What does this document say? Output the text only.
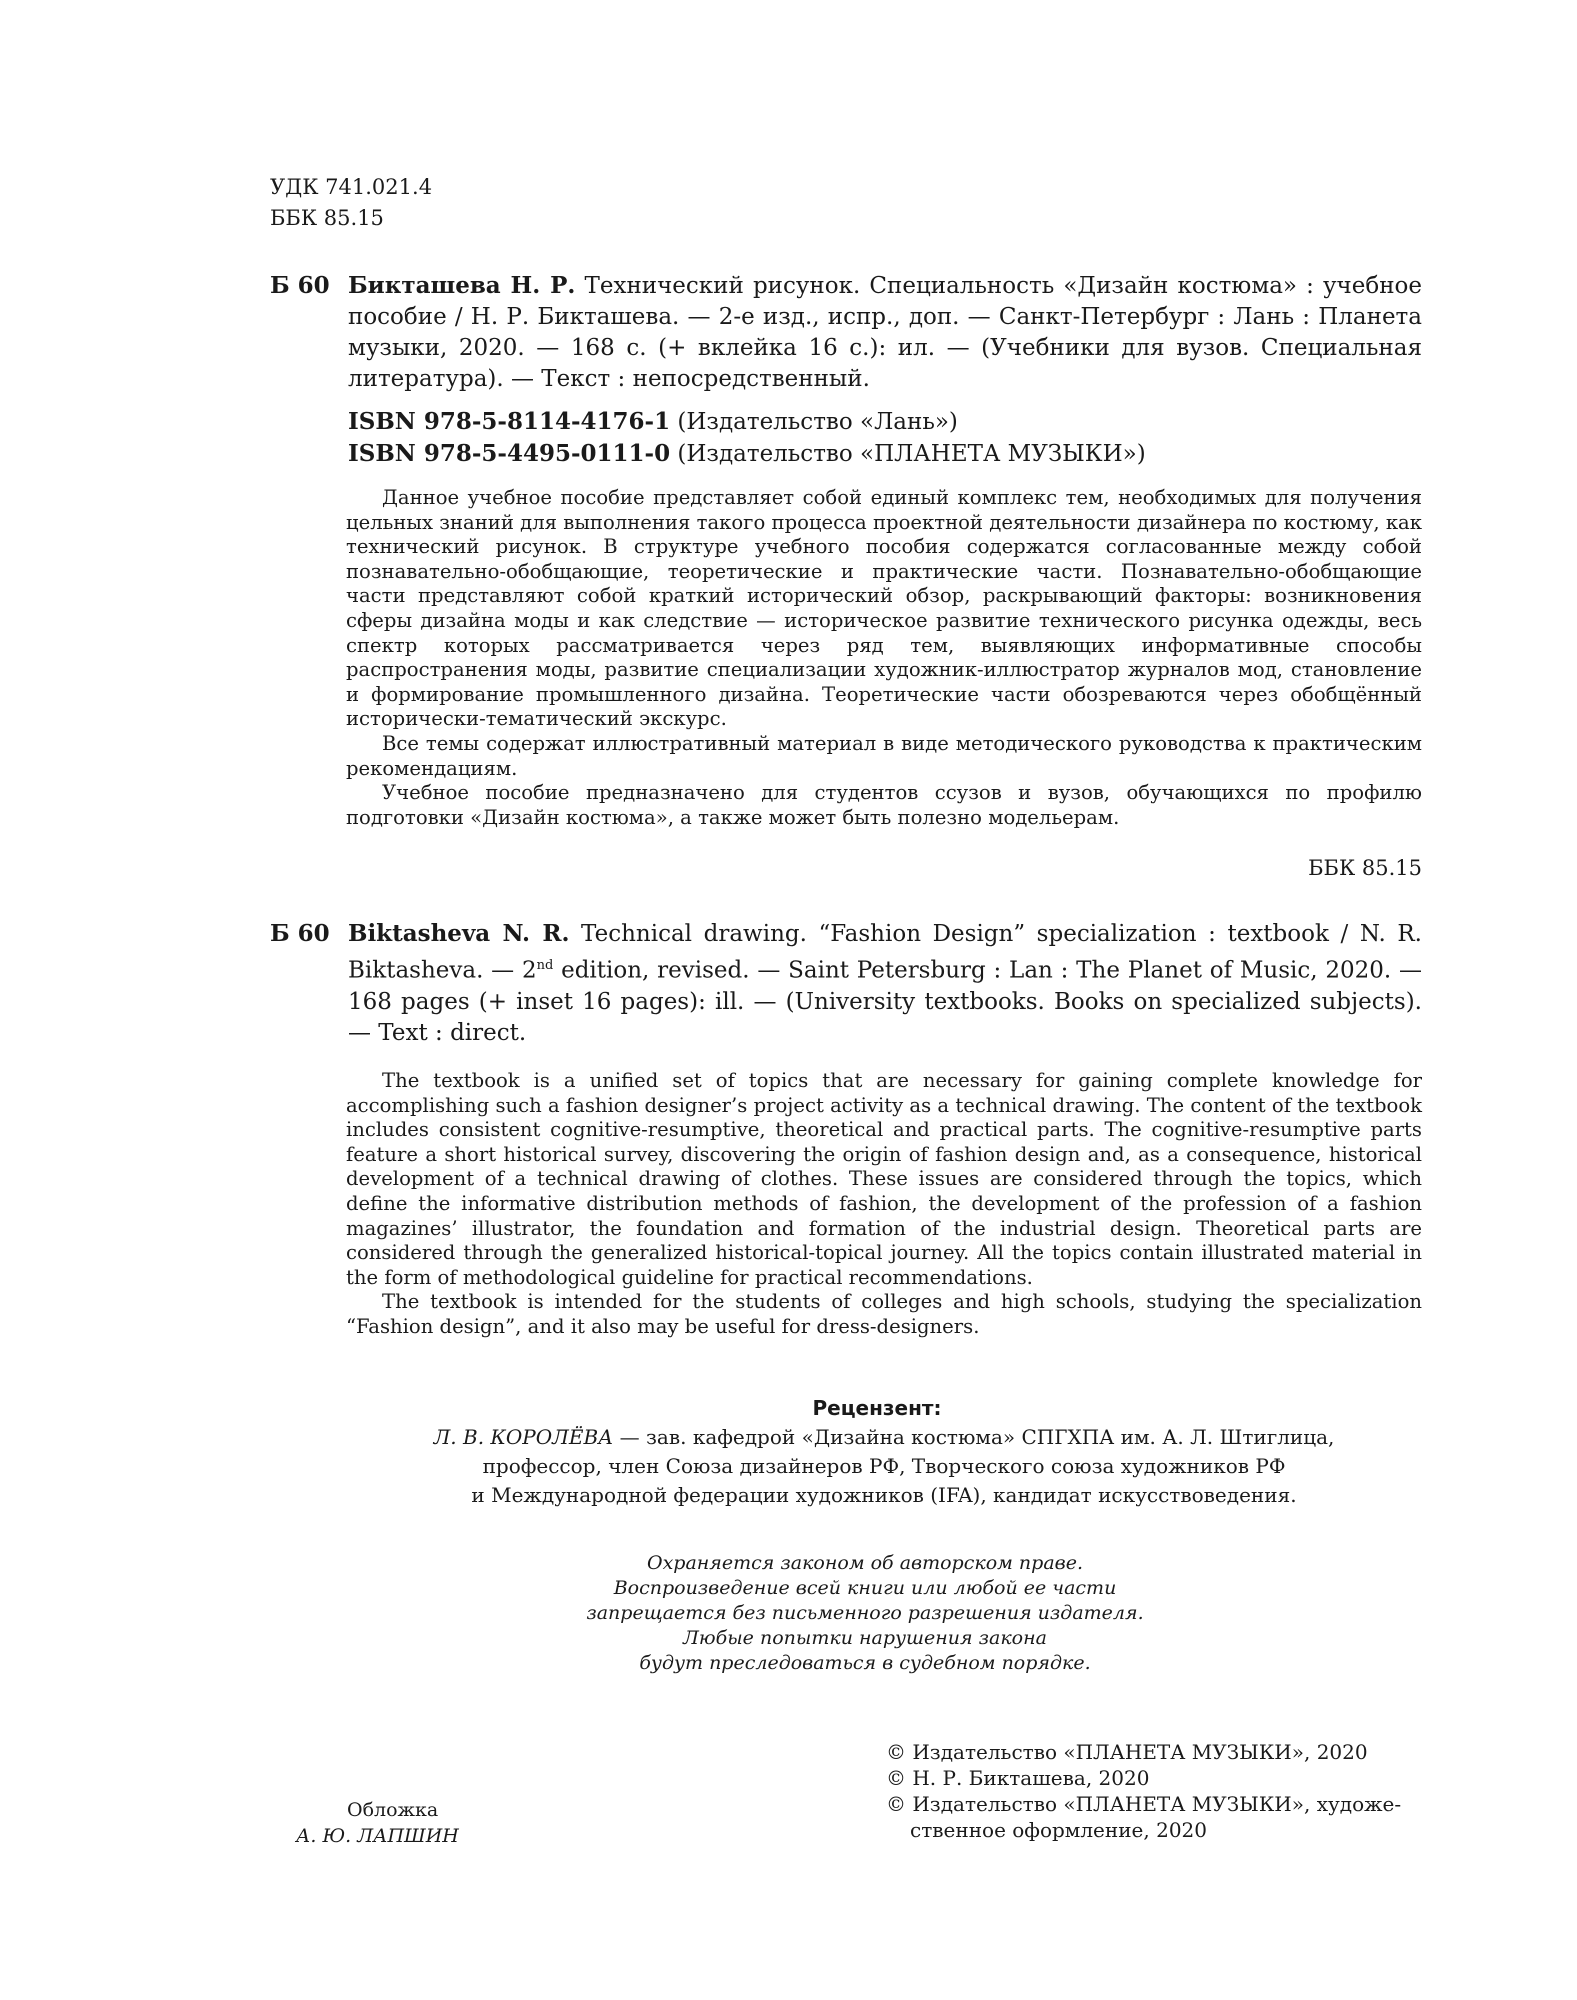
УДК 741.021.4
ББК 85.15
Б 60 Бикташева Н. Р. Технический рисунок. Специальность «Дизайн костюма» : учебное пособие / Н. Р. Бикташева. — 2-е изд., испр., доп. — Санкт-Петербург : Лань : Планета музыки, 2020. — 168 с. (+ вклейка 16 с.): ил. — (Учебники для вузов. Специальная литература). — Текст : непосредственный.
ISBN 978-5-8114-4176-1 (Издательство «Лань»)
ISBN 978-5-4495-0111-0 (Издательство «ПЛАНЕТА МУЗЫКИ»)

Данное учебное пособие представляет собой единый комплекс тем, необходимых для получения цельных знаний для выполнения такого процесса проектной деятельности дизайнера по костюму, как технический рисунок. В структуре учебного пособия содержатся согласованные между собой познавательно-обобщающие, теоретические и практические части. Познавательно-обобщающие части представляют собой краткий исторический обзор, раскрывающий факторы: возникновения сферы дизайна моды и как следствие — историческое развитие технического рисунка одежды, весь спектр которых рассматривается через ряд тем, выявляющих информативные способы распространения моды, развитие специализации художник-иллюстратор журналов мод, становление и формирование промышленного дизайна. Теоретические части обозреваются через обобщённый исторически-тематический экскурс.

Все темы содержат иллюстративный материал в виде методического руководства к практическим рекомендациям.

Учебное пособие предназначено для студентов ссузов и вузов, обучающихся по профилю подготовки «Дизайн костюма», а также может быть полезно модельерам.

ББК 85.15
Б 60 Biktasheva N. R. Technical drawing. “Fashion Design” specialization : textbook / N. R. Biktasheva. — 2nd edition, revised. — Saint Petersburg : Lan : The Planet of Music, 2020. — 168 pages (+ inset 16 pages): ill. — (University textbooks. Books on specialized subjects). — Text : direct.

The textbook is a unified set of topics that are necessary for gaining complete knowledge for accomplishing such a fashion designer’s project activity as a technical drawing. The content of the textbook includes consistent cognitive-resumptive, theoretical and practical parts. The cognitive-resumptive parts feature a short historical survey, discovering the origin of fashion design and, as a consequence, historical development of a technical drawing of clothes. These issues are considered through the topics, which define the informative distribution methods of fashion, the development of the profession of a fashion magazines’ illustrator, the foundation and formation of the industrial design. Theoretical parts are considered through the generalized historical-topical journey. All the topics contain illustrated material in the form of methodological guideline for practical recommendations.

The textbook is intended for the students of colleges and high schools, studying the specialization “Fashion design”, and it also may be useful for dress-designers.

Рецензент:
Л. В. КОРОЛЁВА — зав. кафедрой «Дизайна костюма» СПГХПА им. А. Л. Штиглица,
профессор, член Союза дизайнеров РФ, Творческого союза художников РФ
и Международной федерации художников (IFA), кандидат искусствоведения.
Охраняется законом об авторском праве.
Воспроизведение всей книги или любой ее части
запрещается без письменного разрешения издателя.
Любые попытки нарушения закона
будут преследоваться в судебном порядке.
Обложка
А. Ю. ЛАПШИН
© Издательство «ПЛАНЕТА МУЗЫКИ», 2020
© Н. Р. Бикташева, 2020
© Издательство «ПЛАНЕТА МУЗЫКИ», художе-
ственное оформление, 2020
